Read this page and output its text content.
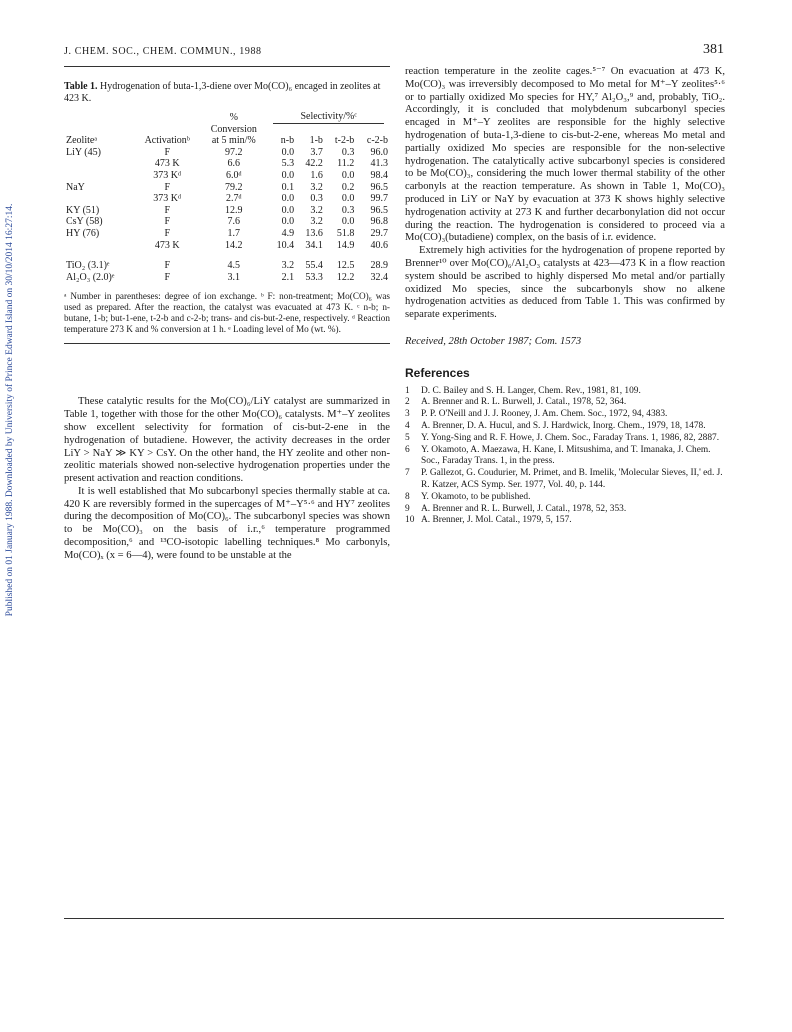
Published on 01 January 1988. Downloaded by University of Prince Edward Island on 30/10/2014 16:27:14.
J. CHEM. SOC., CHEM. COMMUN., 1988	381
Table 1. Hydrogenation of buta-1,3-diene over Mo(CO)₆ encaged in zeolites at 423 K.
		%	Selectivity/%ᶜ			

		Conversion				
Zeoliteᵃ	Activationᵇ	at 5 min/%	n-b	1-b	t-2-b	c-2-b
LiY (45)	F	97.2	0.0	3.7	0.3	96.0
	473 K	6.6	5.3	42.2	11.2	41.3
	373 Kᵈ	6.0ᵈ	0.0	1.6	0.0	98.4
NaY	F	79.2	0.1	3.2	0.2	96.5
	373 Kᵈ	2.7ᵈ	0.0	0.3	0.0	99.7
KY (51)	F	12.9	0.0	3.2	0.3	96.5
CsY (58)	F	7.6	0.0	3.2	0.0	96.8
HY (76)	F	1.7	4.9	13.6	51.8	29.7
	473 K	14.2	10.4	34.1	14.9	40.6
TiO₂ (3.1)ᵉ	F	4.5	3.2	55.4	12.5	28.9
Al₂O₃ (2.0)ᵉ	F	3.1	2.1	53.3	12.2	32.4
ᵃ Number in parentheses: degree of ion exchange. ᵇ F: non-treatment; Mo(CO)₆ was used as prepared. After the reaction, the catalyst was evacuated at 473 K. ᶜ n-b; n-butane, 1-b; but-1-ene, t-2-b and c-2-b; trans- and cis-but-2-ene, respectively. ᵈ Reaction temperature 273 K and % conversion at 1 h. ᵉ Loading level of Mo (wt. %).

These catalytic results for the Mo(CO)₆/LiY catalyst are summarized in Table 1, together with those for the other Mo(CO)₆ catalysts. M⁺–Y zeolites show excellent selectivity for formation of cis-but-2-ene in the hydrogenation of butadiene. However, the activity decreases in the order LiY > NaY ≫ KY > CsY. On the other hand, the HY zeolite and other non-zeolitic materials showed non-selective hydrogenation properties under the present activation and reaction conditions.

It is well established that Mo subcarbonyl species thermally stable at ca. 420 K are reversibly formed in the supercages of M⁺–Y⁵·⁶ and HY⁷ zeolites during the decomposition of Mo(CO)₆. The subcarbonyl species was shown to be Mo(CO)₃ on the basis of i.r.,⁶ temperature programmed decomposition,⁶ and ¹³CO-isotopic labelling techniques.⁸ Mo carbonyls, Mo(CO)ₓ (x = 6—4), were found to be unstable at the

reaction temperature in the zeolite cages.⁵⁻⁷ On evacuation at 473 K, Mo(CO)₃ was irreversibly decomposed to Mo metal for M⁺–Y zeolites⁵·⁶ or to partially oxidized Mo species for HY,⁷ Al₂O₃,⁹ and, probably, TiO₂. Accordingly, it is concluded that molybdenum subcarbonyl species encaged in M⁺–Y zeolites are responsible for the highly selective hydrogenation of buta-1,3-diene to cis-but-2-ene, whereas Mo metal and partially oxidized Mo species are responsible for the non-selective hydrogenation. The catalytically active subcarbonyl species is considered to be Mo(CO)₃, considering the much lower thermal stability of the other carbonyls at the reaction temperature. As shown in Table 1, Mo(CO)₃ produced in LiY or NaY by evacuation at 373 K shows highly selective hydrogenation activity at 273 K and further decarbonylation did not occur during the reaction. The hydrogenation is considered to proceed via a Mo(CO)₃(butadiene) complex, on the basis of i.r. evidence.

Extremely high activities for the hydrogenation of propene reported by Brenner¹⁰ over Mo(CO)₆/Al₂O₃ catalysts at 423—473 K in a flow reaction system should be ascribed to highly dispersed Mo metal and/or partially oxidized Mo species, since the subcarbonyls show no alkene hydrogenation actvities as deduced from Table 1. This was confirmed by separate experiments.

Received, 28th October 1987; Com. 1573

References
1 D. C. Bailey and S. H. Langer, Chem. Rev., 1981, 81, 109.
2 A. Brenner and R. L. Burwell, J. Catal., 1978, 52, 364.
3 P. P. O'Neill and J. J. Rooney, J. Am. Chem. Soc., 1972, 94, 4383.
4 A. Brenner, D. A. Hucul, and S. J. Hardwick, Inorg. Chem., 1979, 18, 1478.
5 Y. Yong-Sing and R. F. Howe, J. Chem. Soc., Faraday Trans. 1, 1986, 82, 2887.
6 Y. Okamoto, A. Maezawa, H. Kane, I. Mitsushima, and T. Imanaka, J. Chem. Soc., Faraday Trans. 1, in the press.
7 P. Gallezot, G. Coudurier, M. Primet, and B. Imelik, 'Molecular Sieves, II,' ed. J. R. Katzer, ACS Symp. Ser. 1977, Vol. 40, p. 144.
8 Y. Okamoto, to be published.
9 A. Brenner and R. L. Burwell, J. Catal., 1978, 52, 353.
10 A. Brenner, J. Mol. Catal., 1979, 5, 157.
